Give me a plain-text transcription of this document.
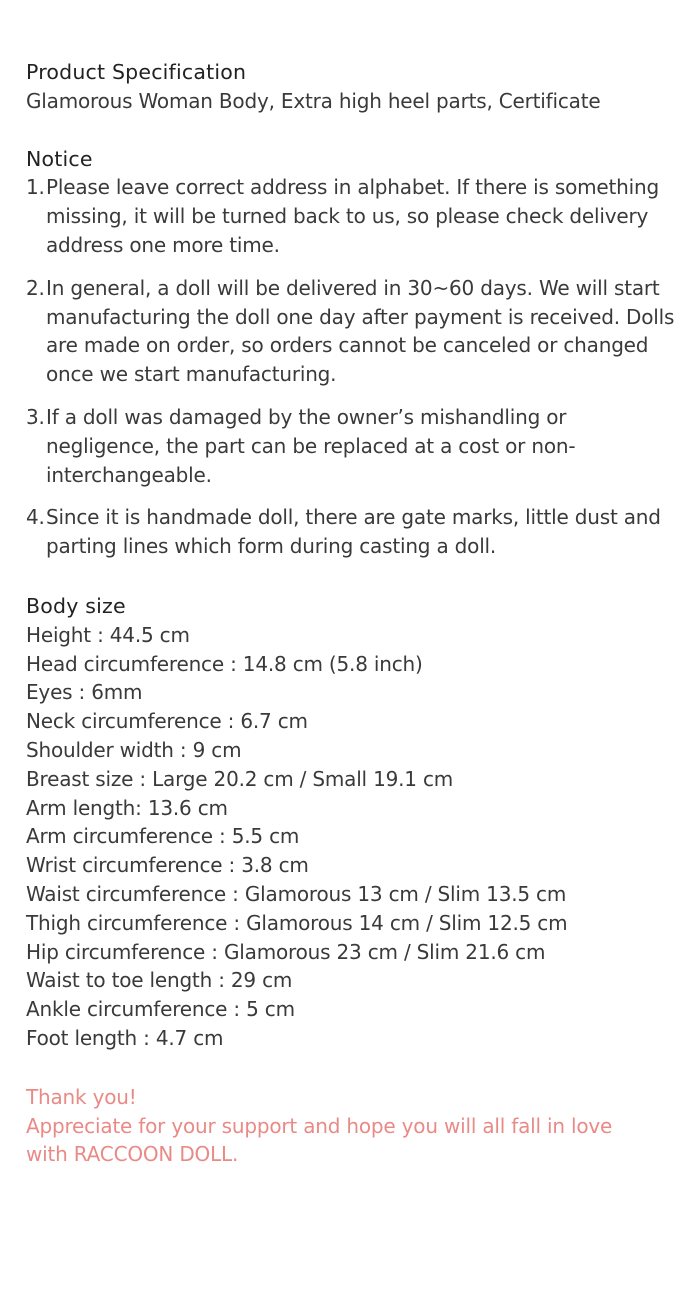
Product Specification

Glamorous Woman Body, Extra high heel parts, Certificate

Notice
1. Please leave correct address in alphabet. If there is something missing, it will be turned back to us, so please check delivery address one more time.
2. In general, a doll will be delivered in 30~60 days. We will start manufacturing the doll one day after payment is received. Dolls are made on order, so orders cannot be canceled or changed once we start manufacturing.
3. If a doll was damaged by the owner’s mishandling or negligence, the part can be replaced at a cost or non-interchangeable.
4. Since it is handmade doll, there are gate marks, little dust and parting lines which form during casting a doll.
Body size

Height : 44.5 cm

Head circumference : 14.8 cm (5.8 inch)

Eyes : 6mm

Neck circumference : 6.7 cm

Shoulder width : 9 cm

Breast size : Large 20.2 cm / Small 19.1 cm

Arm length: 13.6 cm

Arm circumference : 5.5 cm

Wrist circumference : 3.8 cm

Waist circumference : Glamorous 13 cm / Slim 13.5 cm

Thigh circumference : Glamorous 14 cm / Slim 12.5 cm

Hip circumference : Glamorous 23 cm / Slim 21.6 cm

Waist to toe length : 29 cm

Ankle circumference : 5 cm

Foot length : 4.7 cm

Thank you!

Appreciate for your support and hope you will all fall in love with RACCOON DOLL.
